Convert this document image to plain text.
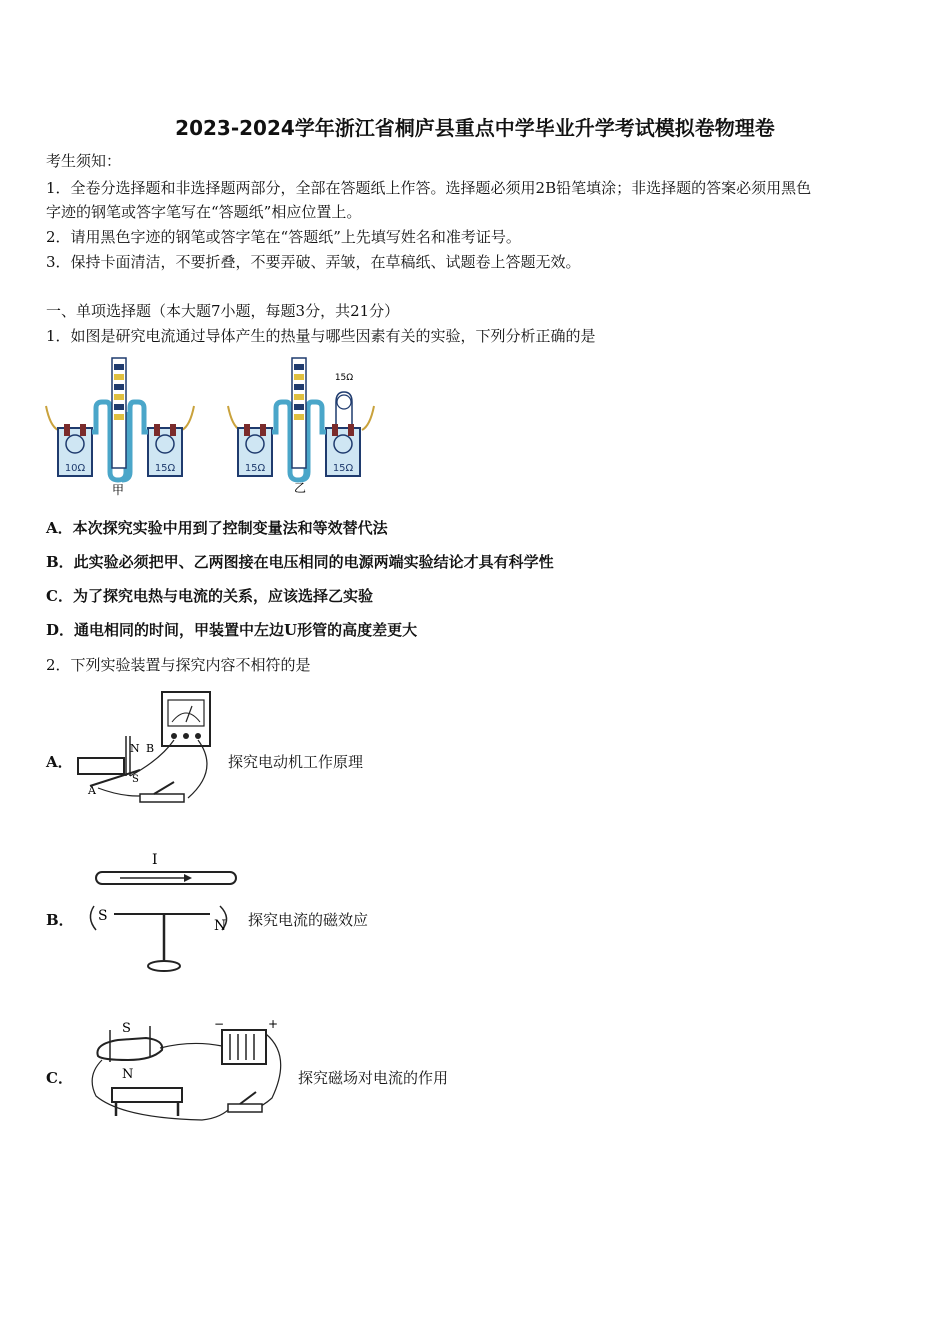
2023-2024学年浙江省桐庐县重点中学毕业升学考试模拟卷物理卷
考生须知：
1．全卷分选择题和非选择题两部分，全部在答题纸上作答。选择题必须用2B铅笔填涂；非选择题的答案必须用黑色
字迹的钢笔或答字笔写在“答题纸”相应位置上。
2．请用黑色字迹的钢笔或答字笔在“答题纸”上先填写姓名和准考证号。
3．保持卡面清洁，不要折叠，不要弄破、弄皱，在草稿纸、试题卷上答题无效。
一、单项选择题（本大题7小题，每题3分，共21分）
1．如图是研究电流通过导体产生的热量与哪些因素有关的实验，下列分析正确的是
10Ω	15Ω
甲
15Ω
15Ω	15Ω
乙
A．本次探究实验中用到了控制变量法和等效替代法
B．此实验必须把甲、乙两图接在电压相同的电源两端实验结论才具有科学性
C．为了探究电热与电流的关系，应该选择乙实验
D．通电相同的时间，甲装置中左边U形管的高度差更大
2．下列实验装置与探究内容不相符的是
A．
N B
S
A
探究电动机工作原理
B．
I
S
N 探究电流的磁效应
C．
S
N
−	+
探究磁场对电流的作用
